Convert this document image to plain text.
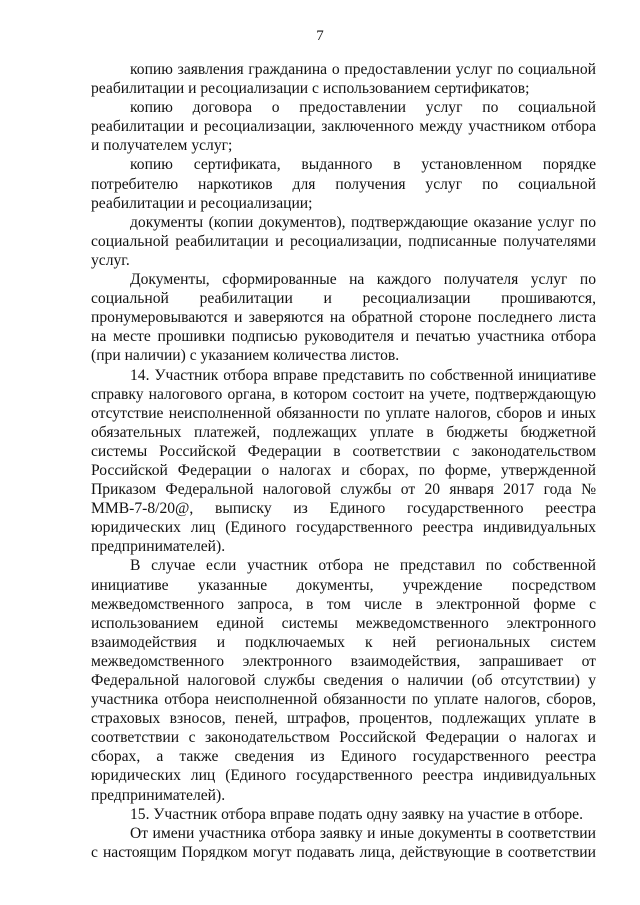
7

копию заявления гражданина о предоставлении услуг по социальной реабилитации и ресоциализации с использованием сертификатов;

копию договора о предоставлении услуг по социальной реабилитации и ресоциализации, заключенного между участником отбора и получателем услуг;

копию сертификата, выданного в установленном порядке потребителю наркотиков для получения услуг по социальной реабилитации и ресоциализации;

документы (копии документов), подтверждающие оказание услуг по социальной реабилитации и ресоциализации, подписанные получателями услуг.

Документы, сформированные на каждого получателя услуг по социальной реабилитации и ресоциализации прошиваются, пронумеровываются и заверяются на обратной стороне последнего листа на месте прошивки подписью руководителя и печатью участника отбора (при наличии) с указанием количества листов.

14. Участник отбора вправе представить по собственной инициативе справку налогового органа, в котором состоит на учете, подтверждающую отсутствие неисполненной обязанности по уплате налогов, сборов и иных обязательных платежей, подлежащих уплате в бюджеты бюджетной системы Российской Федерации в соответствии с законодательством Российской Федерации о налогах и сборах, по форме, утвержденной Приказом Федеральной налоговой службы от 20 января 2017 года № ММВ-7-8/20@, выписку из Единого государственного реестра юридических лиц (Единого государственного реестра индивидуальных предпринимателей).

В случае если участник отбора не представил по собственной инициативе указанные документы, учреждение посредством межведомственного запроса, в том числе в электронной форме с использованием единой системы межведомственного электронного взаимодействия и подключаемых к ней региональных систем межведомственного электронного взаимодействия, запрашивает от Федеральной налоговой службы сведения о наличии (об отсутствии) у участника отбора неисполненной обязанности по уплате налогов, сборов, страховых взносов, пеней, штрафов, процентов, подлежащих уплате в соответствии с законодательством Российской Федерации о налогах и сборах, а также сведения из Единого государственного реестра юридических лиц (Единого государственного реестра индивидуальных предпринимателей).

15. Участник отбора вправе подать одну заявку на участие в отборе.

От имени участника отбора заявку и иные документы в соответствии с настоящим Порядком могут подавать лица, действующие в соответствии
